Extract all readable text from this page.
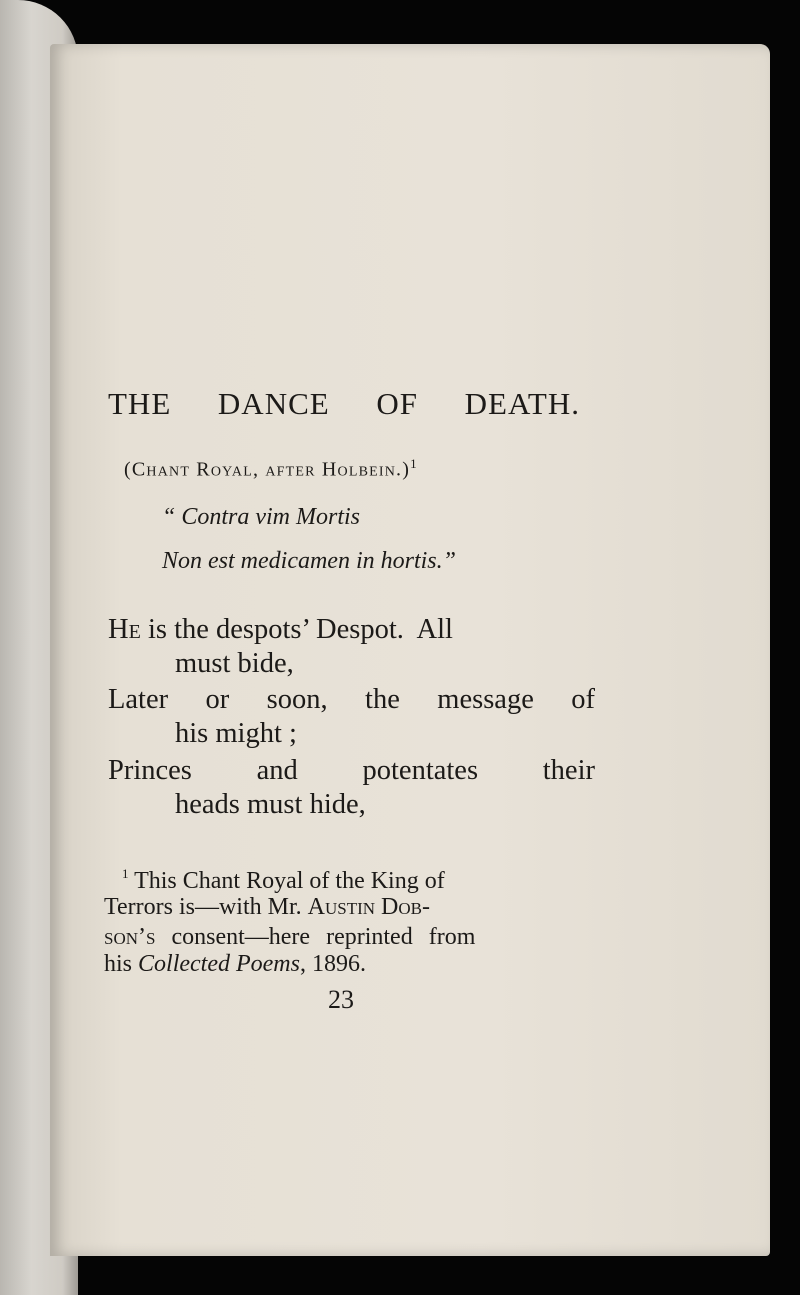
THE DANCE OF DEATH.
(Chant Royal, after Holbein.)$^1$
“ Contra vim Mortis
Non est medicamen in hortis.”
He is the despots’ Despot.  All
must bide,
Later or soon, the message of
his might ;
Princes and potentates their
heads must hide,
$^1$ This Chant Royal of the King of
Terrors is—with Mr. Austin Dob-
son’s consent—here reprinted from
his Collected Poems, 1896.
23
